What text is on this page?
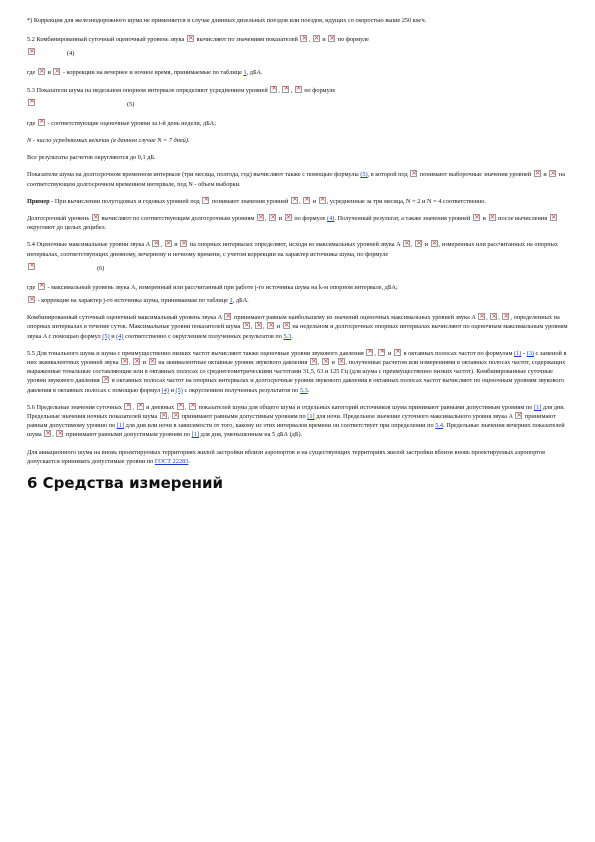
*) Коррекция для железнодорожного шума не применяется в случае длинных дизельных поездов или поездов, идущих со скоростью выше 250 км/ч.

5.2 Комбинированный суточный оценочный уровень звука × вычисляют по значениям показателей × , × и × по формуле

×
(4)

где × и × - коррекции на вечернее и ночное время, принимаемые по таблице 1, дБА.

5.3 Показатели шума на недельном опорном интервале определяют усреднением уровней × , ×, × по формуле

×
(5)

где × - соответствующие оценочные уровни за i-й день недели, дБА;

N - число усредняемых величин (в данном случае N = 7 дней).

Все результаты расчетов округляются до 0,1 дБ.

Показатели шума на долгосрочном временном интервале (три месяца, полгода, год) вычисляют также с помощью формулы (5), в которой под × понимают выборочные значения уровней × и × на соответствующем долгосрочном временном интервале, под N - объем выборки.

Пример - При вычислении полугодовых и годовых уровней под × понимают значения уровней × , × и ×, усредненные за три месяца, N = 2 и N = 4 соответственно.

Долгосрочный уровень × вычисляют по соответствующим долгосрочным уровням × , × и × по формуле (4). Полученный результат, а также значения уровней × и × после вычисления × округляют до целых децибел.

5.4 Оценочные максимальные уровни звука A × , × и × на опорных интервалах определяют, исходя из максимальных уровней звука A × , × и ×, измеренных или рассчитанных на опорных интервалах, соответствующих дневному, вечернему и ночному времени, с учетом коррекции на характер источника шума, по формуле

×
(6)

где × - максимальный уровень звука A, измеренный или рассчитанный при работе j-го источника шума на k-м опорном интервале, дБА;

× - коррекция на характер j-го источника шума, принимаемая по таблице 1, дБА.

Комбинированный суточный оценочный максимальный уровень звука A × принимают равным наибольшему из значений оценочных максимальных уровней звука A × , ×, ×, определенных на опорных интервалах в течение суток. Максимальные уровни показателей шума × , ×, × и × на недельном и долгосрочных опорных интервалах вычисляют по оценочным максимальным уровням звука A с помощью формул (5) и (4) соответственно с округлением полученных результатов по 5.3.

5.5 Для тонального шума и шума с преимущественно низких частот вычисляют также оценочные уровни звукового давления × , × и × в октавных полосах частот по формулам (1) - (3) с заменой в них эквивалентных уровней звука × , × и × на эквивалентные октавные уровни звукового давления × , × и ×, полученные расчетом или измерениями в октавных полосах частот, содержащих выраженные тональные составляющие или в октавных полосах со среднегеометрическими частотами 31,5, 63 и 125 Гц (для шума с преимущественно низких частот). Комбинированные суточные уровни звукового давления × в октавных полосах частот на опорных интервалах и долгосрочные уровни звукового давления в октавных полосах частот вычисляют по оценочным уровням звукового давления в октавных полосах с помощью формул (4) и (5) с округлением полученных результатов по 5.3.

5.6 Предельные значения суточных × , × и дневных × , × показателей шума для общего шума и отдельных категорий источников шума принимают равными допустимым уровням по [1] для дня. Предельные значения ночных показателей шума × , × принимают равными допустимым уровням по [1] для ночи. Предельное значение суточного максимального уровня звука A × принимают равным допустимому уровню по [1] для дня или ночи в зависимости от того, какому из этих интервалов времени он соответствует при определении по 5.4. Предельные значения вечерних показателей шума × , × принимают равными допустимым уровням по [1] для дня, уменьшенным на 5 дБА (дБ).

Для авиационного шума на вновь проектируемых территориях жилой застройки вблизи аэропортов и на существующих территориях жилой застройки вблизи вновь проектируемых аэропортов допускается принимать допустимые уровни по ГОСТ 22283.

6 Средства измерений
